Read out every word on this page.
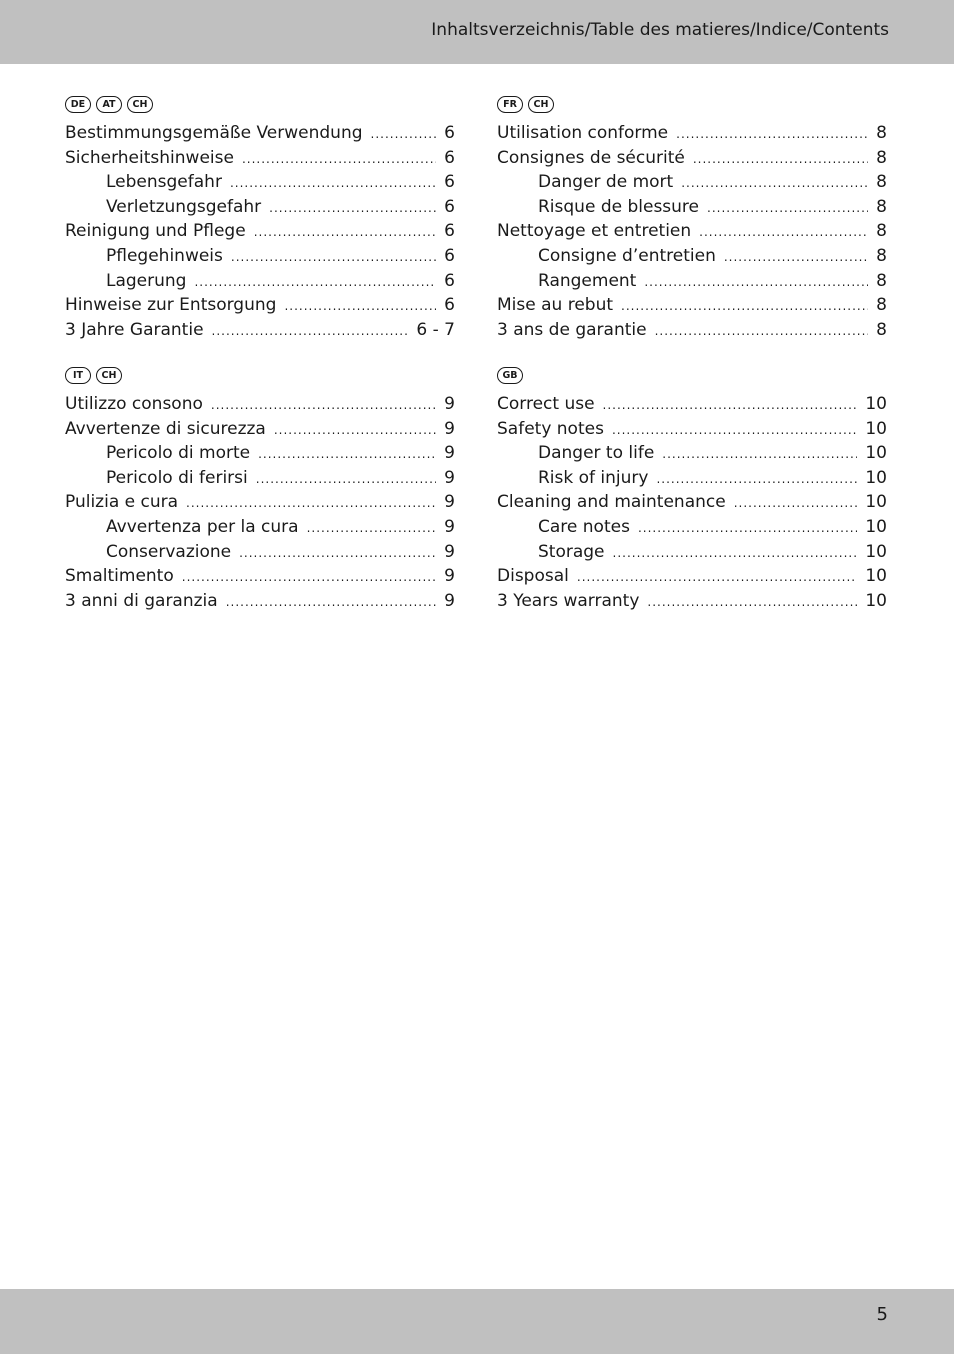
Inhaltsverzeichnis/Table des matieres/Indice/Contents
DE	AT	CH
Bestimmungsgemäße Verwendung .....	6
Sicherheitshinweise .....	6
Lebensgefahr .....	6
Verletzungsgefahr .....	6
Reinigung und Pflege .....	6
Pflegehinweis .....	6
Lagerung .....	6
Hinweise zur Entsorgung .....	6
3 Jahre Garantie .....	6 - 7
FR	CH
Utilisation conforme .....	8
Consignes de sécurité .....	8
Danger de mort .....	8
Risque de blessure .....	8
Nettoyage et entretien .....	8
Consigne d’entretien .....	8
Rangement .....	8
Mise au rebut .....	8
3 ans de garantie .....	8
IT	CH
Utilizzo consono .....	9
Avvertenze di sicurezza .....	9
Pericolo di morte .....	9
Pericolo di ferirsi .....	9
Pulizia e cura .....	9
Avvertenza per la cura .....	9
Conservazione .....	9
Smaltimento .....	9
3 anni di garanzia .....	9
GB
Correct use .....	10
Safety notes .....	10
Danger to life .....	10
Risk of injury .....	10
Cleaning and maintenance .....	10
Care notes .....	10
Storage .....	10
Disposal .....	10
3 Years warranty .....	10
5
